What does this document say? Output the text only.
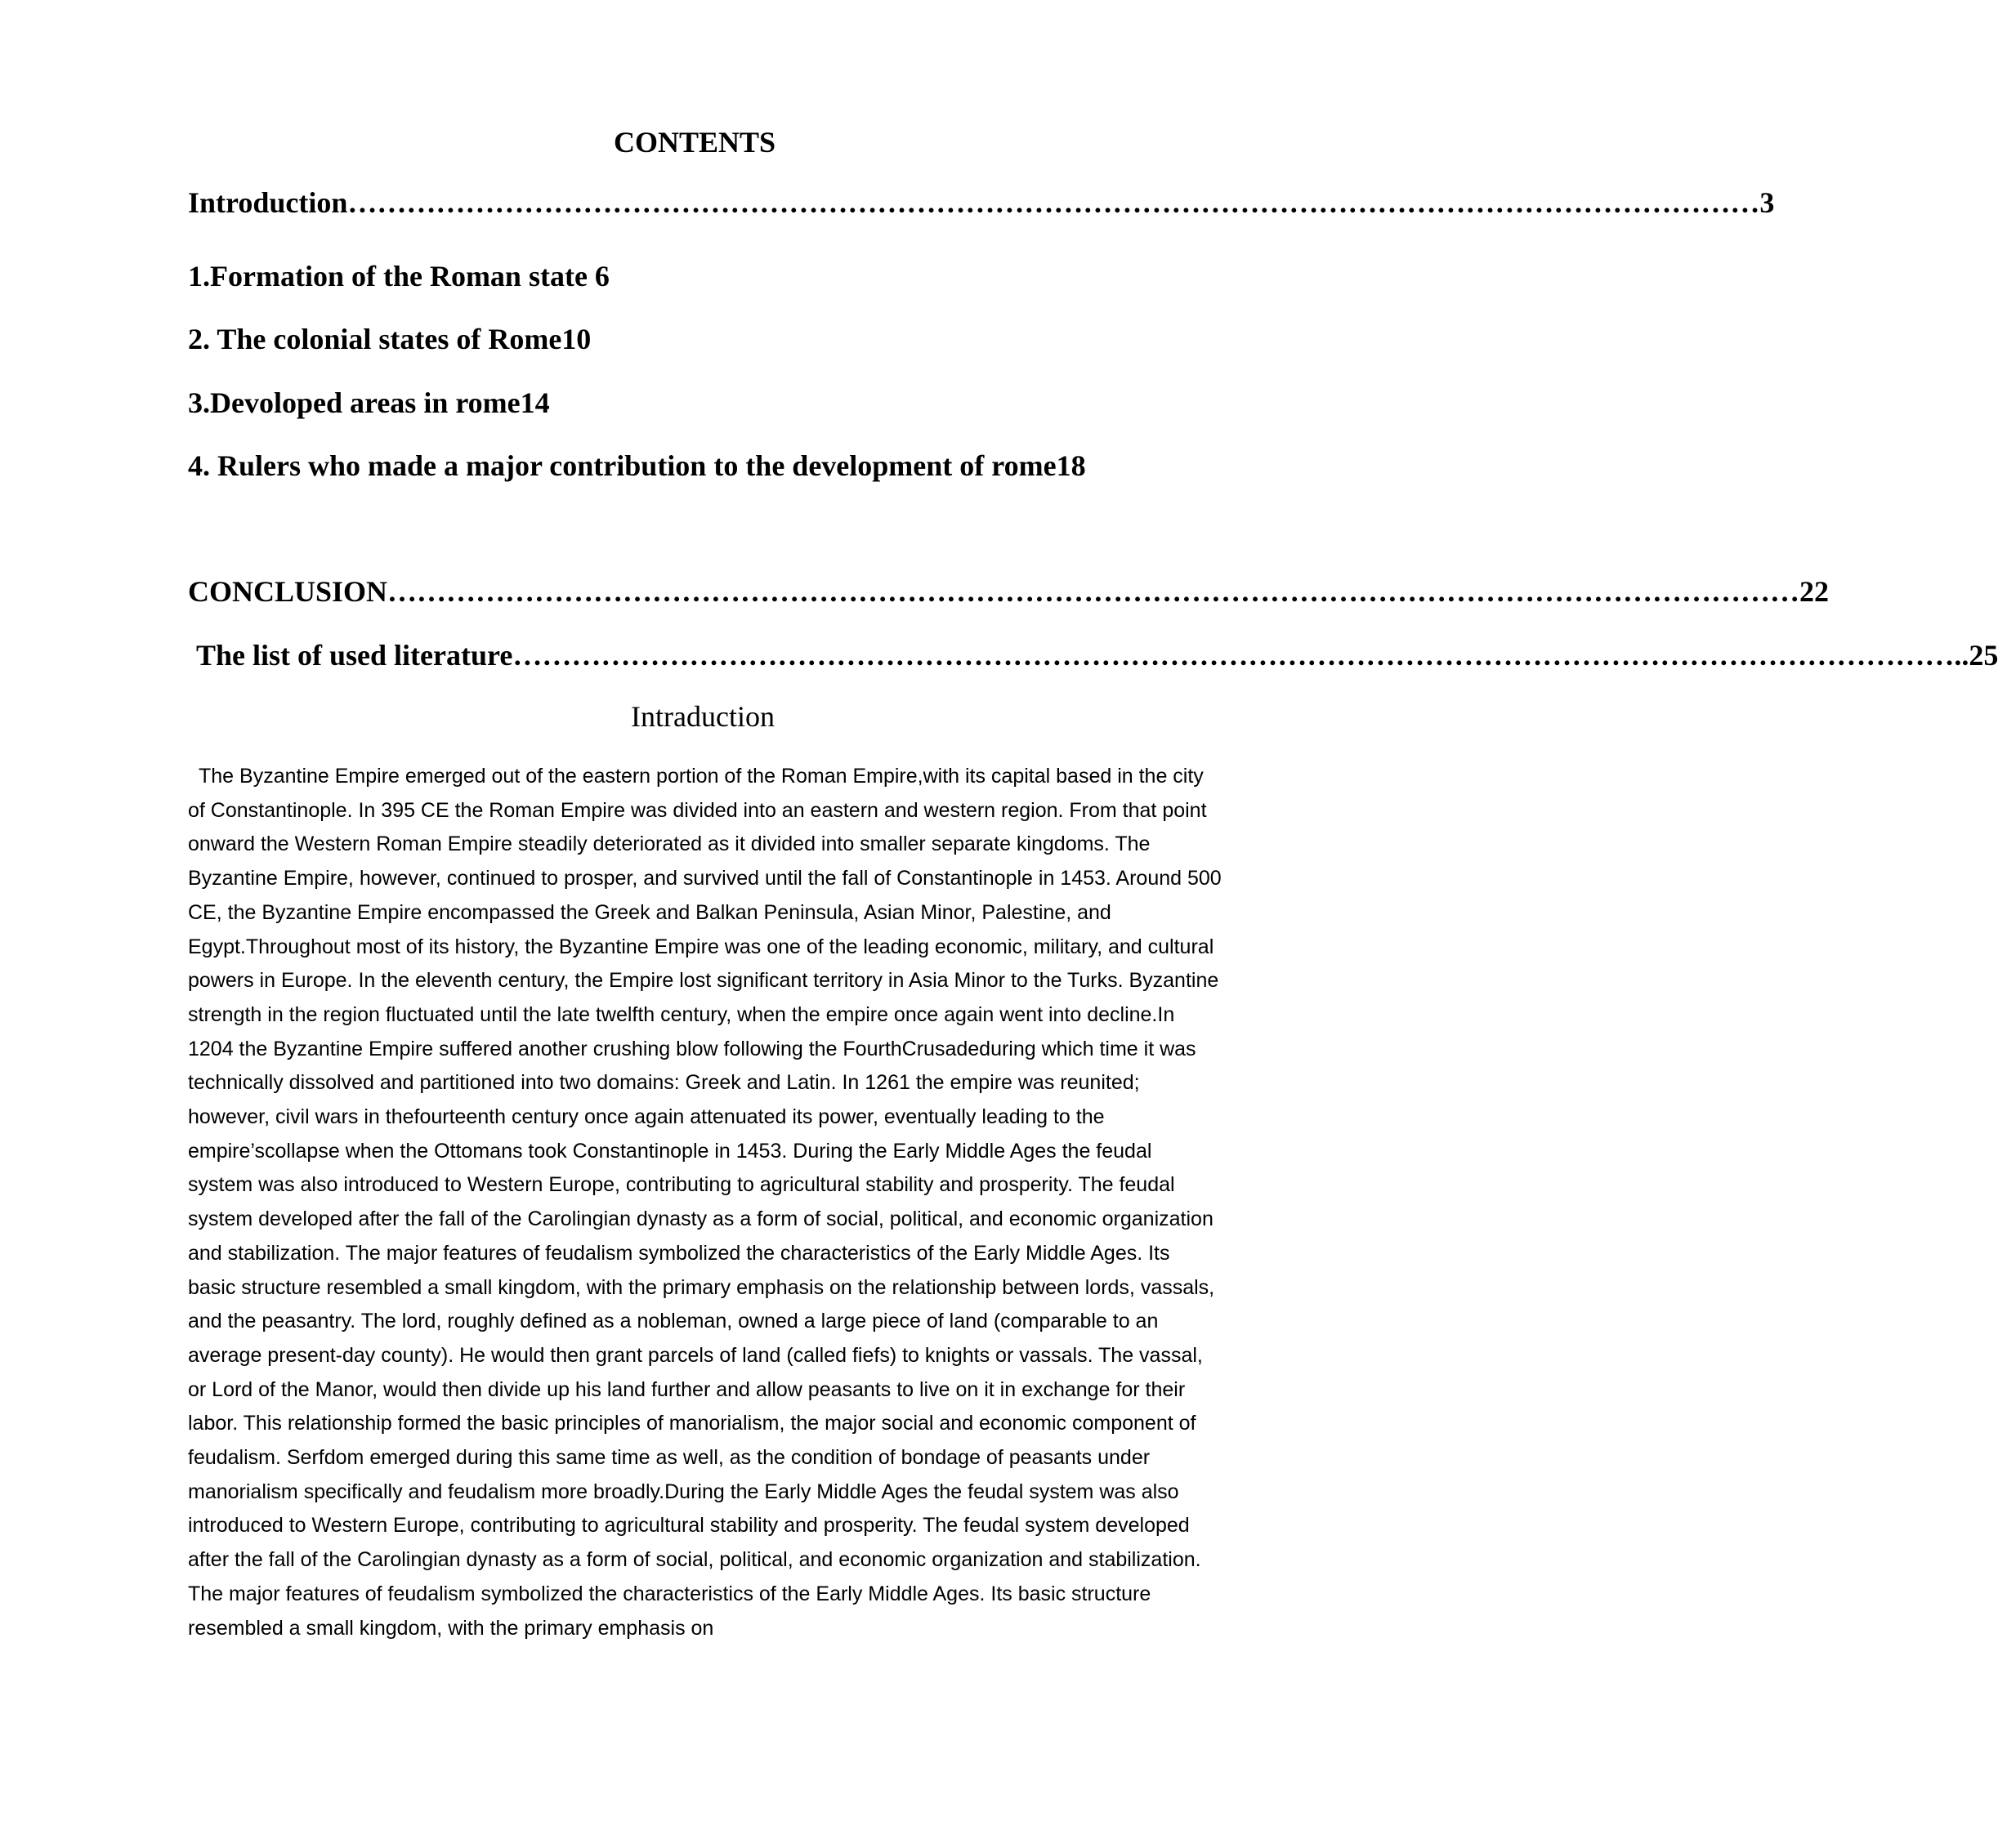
CONTENTS
Introduction ……………………………………………………………………………………………………………………………… 3
1.Formation of the Roman state 6
2. The colonial states of Rome10
3.Devoloped areas in rome14
4. Rulers who made a major contribution to the development of rome18
CONCLUSION ……………………………………………………………………………………………………………………………… 22
The list of used literature ……………………………………………………………………………………………………………………………… …..25
Intraduction

The Byzantine Empire emerged out of the eastern portion of the Roman Empire,with its capital based in the city of Constantinople. In 395 CE the Roman Empire was divided into an eastern and western region. From that point onward the Western Roman Empire steadily deteriorated as it divided into smaller separate kingdoms. The Byzantine Empire, however, continued to prosper, and survived until the fall of Constantinople in 1453. Around 500 CE, the Byzantine Empire encompassed the Greek and Balkan Peninsula, Asian Minor, Palestine, and Egypt.Throughout most of its history, the Byzantine Empire was one of the leading economic, military, and cultural powers in Europe. In the eleventh century, the Empire lost significant territory in Asia Minor to the Turks. Byzantine strength in the region fluctuated until the late twelfth century, when the empire once again went into decline.In 1204 the Byzantine Empire suffered another crushing blow following the FourthCrusadeduring which time it was technically dissolved and partitioned into two domains: Greek and Latin. In 1261 the empire was reunited; however, civil wars in thefourteenth century once again attenuated its power, eventually leading to the empire’scollapse when the Ottomans took Constantinople in 1453. During the Early Middle Ages the feudal system was also introduced to Western Europe, contributing to agricultural stability and prosperity. The feudal system developed after the fall of the Carolingian dynasty as a form of social, political, and economic organization and stabilization. The major features of feudalism symbolized the characteristics of the Early Middle Ages. Its basic structure resembled a small kingdom, with the primary emphasis on the relationship between lords, vassals, and the peasantry. The lord, roughly defined as a nobleman, owned a large piece of land (comparable to an average present-day county). He would then grant parcels of land (called fiefs) to knights or vassals. The vassal, or Lord of the Manor, would then divide up his land further and allow peasants to live on it in exchange for their labor. This relationship formed the basic principles of manorialism, the major social and economic component of feudalism. Serfdom emerged during this same time as well, as the condition of bondage of peasants under manorialism specifically and feudalism more broadly.During the Early Middle Ages the feudal system was also introduced to Western Europe, contributing to agricultural stability and prosperity. The feudal system developed after the fall of the Carolingian dynasty as a form of social, political, and economic organization and stabilization. The major features of feudalism symbolized the characteristics of the Early Middle Ages. Its basic structure resembled a small kingdom, with the primary emphasis on
